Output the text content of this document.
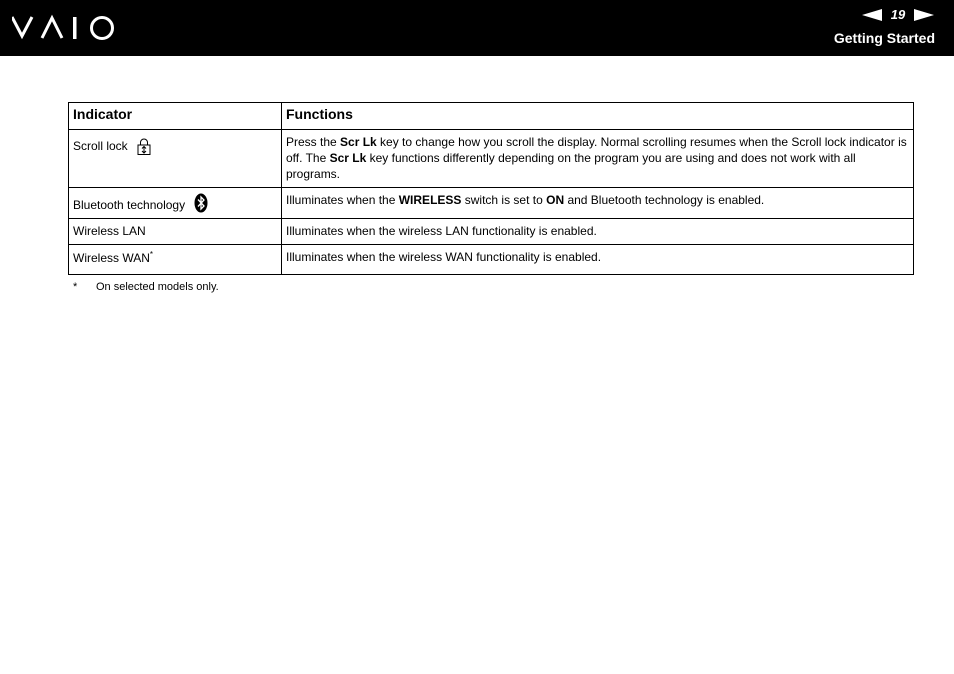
19
Getting Started
Indicator	Functions
Scroll lock	Press the Scr Lk key to change how you scroll the display. Normal scrolling resumes when the Scroll lock indicator is off. The Scr Lk key functions differently depending on the program you are using and does not work with all programs.
Bluetooth technology	Illuminates when the WIRELESS switch is set to ON and Bluetooth technology is enabled.
Wireless LAN	Illuminates when the wireless LAN functionality is enabled.
Wireless WAN*	Illuminates when the wireless WAN functionality is enabled.
* On selected models only.
